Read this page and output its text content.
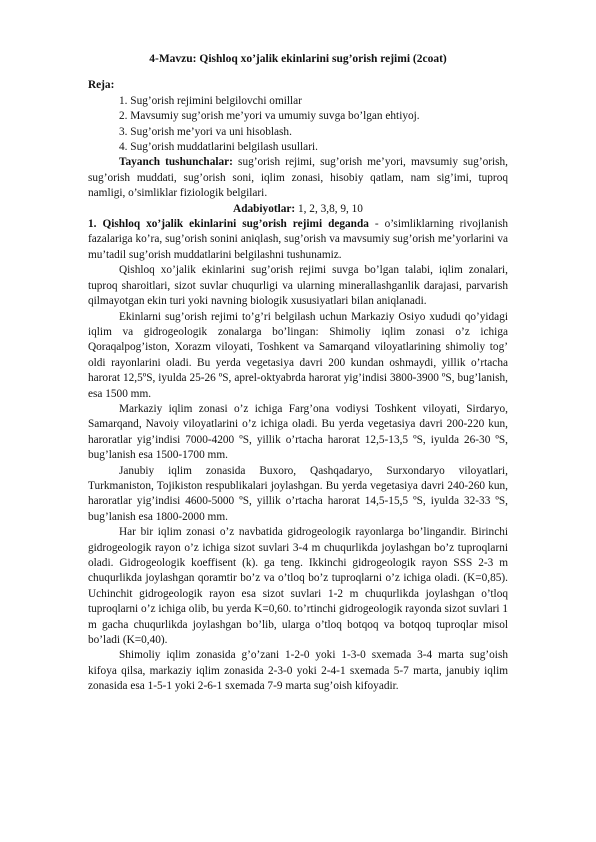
4-Mavzu: Qishloq xo’jalik ekinlarini sug’orish rejimi (2coat)
Reja:
1. Sug’orish rejimini belgilovchi omillar
2. Mavsumiy sug’orish me’yori va umumiy suvga bo’lgan ehtiyoj.
3. Sug’orish me’yori va uni hisoblash.
4. Sug’orish muddatlarini belgilash usullari.

Tayanch tushunchalar: sug’orish rejimi, sug’orish me’yori, mavsumiy sug’orish, sug’orish muddati, sug’orish soni, iqlim zonasi, hisobiy qatlam, nam sig’imi, tuproq namligi, o’simliklar fiziologik belgilari.

Adabiyotlar: 1, 2, 3,8, 9, 10

1. Qishloq xo’jalik ekinlarini sug’orish rejimi deganda - o’simliklarning rivojlanish fazalariga ko’ra, sug’orish sonini aniqlash, sug’orish va mavsumiy sug’orish me’yorlarini va mu’tadil sug’orish muddatlarini belgilashni tushunamiz.

Qishloq xo’jalik ekinlarini sug’orish rejimi suvga bo’lgan talabi, iqlim zonalari, tuproq sharoitlari, sizot suvlar chuqurligi va ularning minerallashganlik darajasi, parvarish qilmayotgan ekin turi yoki navning biologik xususiyatlari bilan aniqlanadi.

Ekinlarni sug’orish rejimi to’g’ri belgilash uchun Markaziy Osiyo xududi qo’yidagi iqlim va gidrogeologik zonalarga bo’lingan: Shimoliy iqlim zonasi o’z ichiga Qoraqalpog’iston, Xorazm viloyati, Toshkent va Samarqand viloyatlarining shimoliy tog’ oldi rayonlarini oladi. Bu yerda vegetasiya davri 200 kundan oshmaydi, yillik o’rtacha harorat 12,5ºS, iyulda 25-26 ºS, aprel-oktyabrda harorat yig’indisi 3800-3900 ºS, bug’lanish, esa 1500 mm.

Markaziy iqlim zonasi o’z ichiga Farg’ona vodiysi Toshkent viloyati, Sirdaryo, Samarqand, Navoiy viloyatlarini o’z ichiga oladi. Bu yerda vegetasiya davri 200-220 kun, haroratlar yig’indisi 7000-4200 ºS, yillik o’rtacha harorat 12,5-13,5 ºS, iyulda 26-30 ºS, bug’lanish esa 1500-1700 mm.

Janubiy iqlim zonasida Buxoro, Qashqadaryo, Surxondaryo viloyatlari, Turkmaniston, Tojikiston respublikalari joylashgan. Bu yerda vegetasiya davri 240-260 kun, haroratlar yig’indisi 4600-5000 ºS, yillik o’rtacha harorat 14,5-15,5 ºS, iyulda 32-33 ºS, bug’lanish esa 1800-2000 mm.

Har bir iqlim zonasi o’z navbatida gidrogeologik rayonlarga bo’lingandir. Birinchi gidrogeologik rayon o’z ichiga sizot suvlari 3-4 m chuqurlikda joylashgan bo’z tuproqlarni oladi. Gidrogeologik koeffisent (k). ga teng. Ikkinchi gidrogeologik rayon SSS 2-3 m chuqurlikda joylashgan qoramtir bo’z va o’tloq bo’z tuproqlarni o’z ichiga oladi. (K=0,85). Uchinchit gidrogeologik rayon esa sizot suvlari 1-2 m chuqurlikda joylashgan o’tloq tuproqlarni o’z ichiga olib, bu yerda K=0,60. to’rtinchi gidrogeologik rayonda sizot suvlari 1 m gacha chuqurlikda joylashgan bo’lib, ularga o’tloq botqoq va botqoq tuproqlar misol bo’ladi (K=0,40).

Shimoliy iqlim zonasida g’o’zani 1-2-0 yoki 1-3-0 sxemada 3-4 marta sug’oish kifoya qilsa, markaziy iqlim zonasida 2-3-0 yoki 2-4-1 sxemada 5-7 marta, janubiy iqlim zonasida esa 1-5-1 yoki 2-6-1 sxemada 7-9 marta sug’oish kifoyadir.
